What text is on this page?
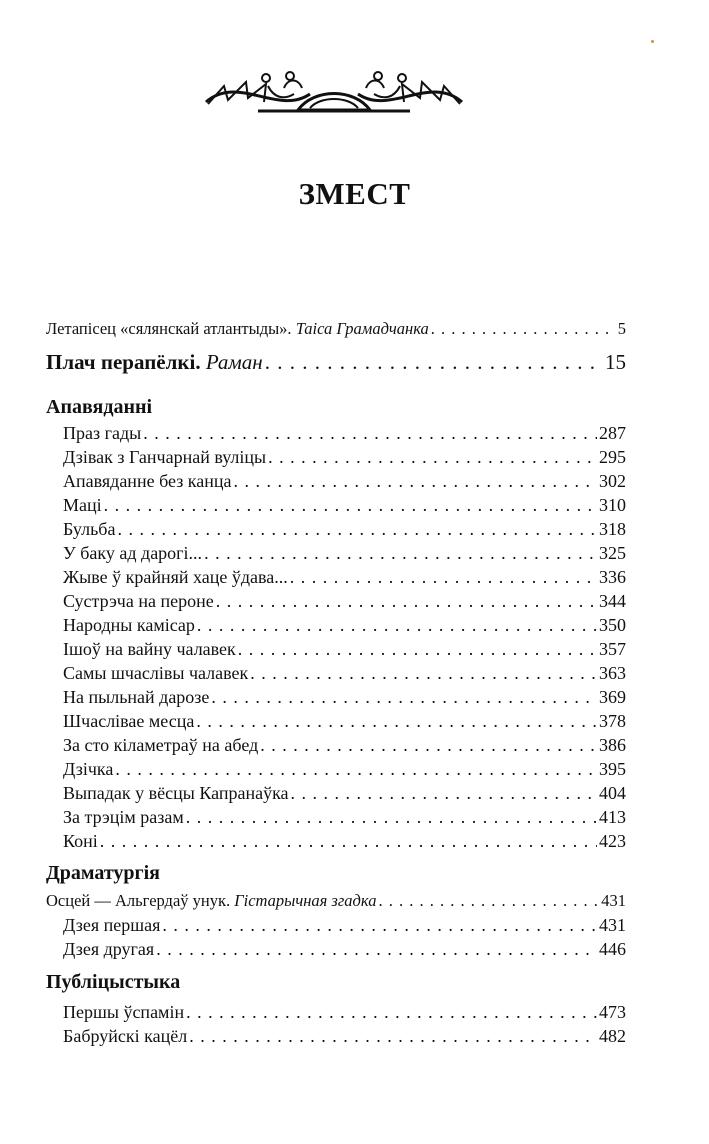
ЗМЕСТ
Летапісец «сялянскай атлантыды». Таіса Грамадчанка . . .	5
Плач перапёлкі. Раман . . .	15
Апавяданні
Праз гады . . .	287
Дзівак з Ганчарнай вуліцы . . .	295
Апавяданне без канца . . .	302
Маці . . .	310
Бульба . . .	318
У баку ад дарогі... . . .	325
Жыве ў крайняй хаце ўдава... . . .	336
Сустрэча на пероне . . .	344
Народны камісар . . .	350
Ішоў на вайну чалавек . . .	357
Самы шчаслівы чалавек . . .	363
На пыльнай дарозе . . .	369
Шчаслівае месца . . .	378
За сто кіламетраў на абед . . .	386
Дзічка . . .	395
Выпадак у вёсцы Капранаўка . . .	404
За трэцім разам . . .	413
Коні . . .	423
Драматургія
Осцей — Альгердаў унук. Гістарычная згадка . . .	431
Дзея першая . . .	431
Дзея другая . . .	446
Публіцыстыка
Першы ўспамін . . .	473
Бабруйскі кацёл . . .	482
